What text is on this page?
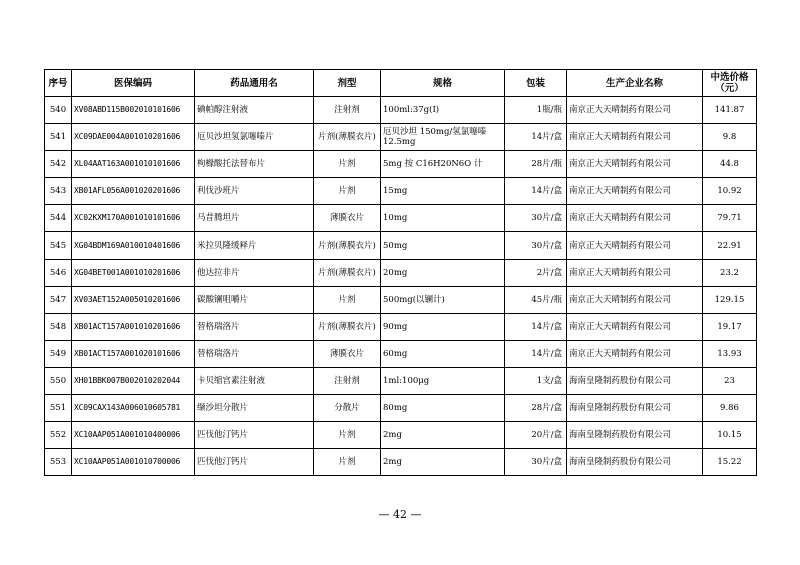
序号	医保编码	药品通用名	剂型	规格	包装	生产企业名称	中选价格（元）
540	XV08ABD115B002010101606	碘帕醇注射液	注射剂	100ml:37g(I)	1瓶/瓶	南京正大天晴制药有限公司	141.87
541	XC09DAE004A001010201606	厄贝沙坦氢氯噻嗪片	片剂(薄膜衣片)	厄贝沙坦 150mg/氢氯噻嗪 12.5mg	14片/盒	南京正大天晴制药有限公司	9.8
542	XL04AAT163A001010101606	枸橼酸托法替布片	片剂	5mg 按 C16H20N6O 计	28片/瓶	南京正大天晴制药有限公司	44.8
543	XB01AFL056A001020201606	利伐沙班片	片剂	15mg	14片/盒	南京正大天晴制药有限公司	10.92
544	XC02KXM170A001010101606	马昔腾坦片	薄膜衣片	10mg	30片/盒	南京正大天晴制药有限公司	79.71
545	XG04BDM169A010010401606	米拉贝隆缓释片	片剂(薄膜衣片)	50mg	30片/盒	南京正大天晴制药有限公司	22.91
546	XG04BET001A001010201606	他达拉非片	片剂(薄膜衣片)	20mg	2片/盒	南京正大天晴制药有限公司	23.2
547	XV03AET152A005010201606	碳酸镧咀嚼片	片剂	500mg(以镧计)	45片/瓶	南京正大天晴制药有限公司	129.15
548	XB01ACT157A001010201606	替格瑞洛片	片剂(薄膜衣片)	90mg	14片/盒	南京正大天晴制药有限公司	19.17
549	XB01ACT157A001020101606	替格瑞洛片	薄膜衣片	60mg	14片/盒	南京正大天晴制药有限公司	13.93
550	XH01BBK007B002010202044	卡贝缩宫素注射液	注射剂	1ml:100μg	1支/盒	海南皇隆制药股份有限公司	23
551	XC09CAX143A006010605781	缬沙坦分散片	分散片	80mg	28片/盒	海南皇隆制药股份有限公司	9.86
552	XC10AAP051A001010400006	匹伐他汀钙片	片剂	2mg	20片/盒	海南皇隆制药股份有限公司	10.15
553	XC10AAP051A001010700006	匹伐他汀钙片	片剂	2mg	30片/盒	海南皇隆制药股份有限公司	15.22
— 42 —
